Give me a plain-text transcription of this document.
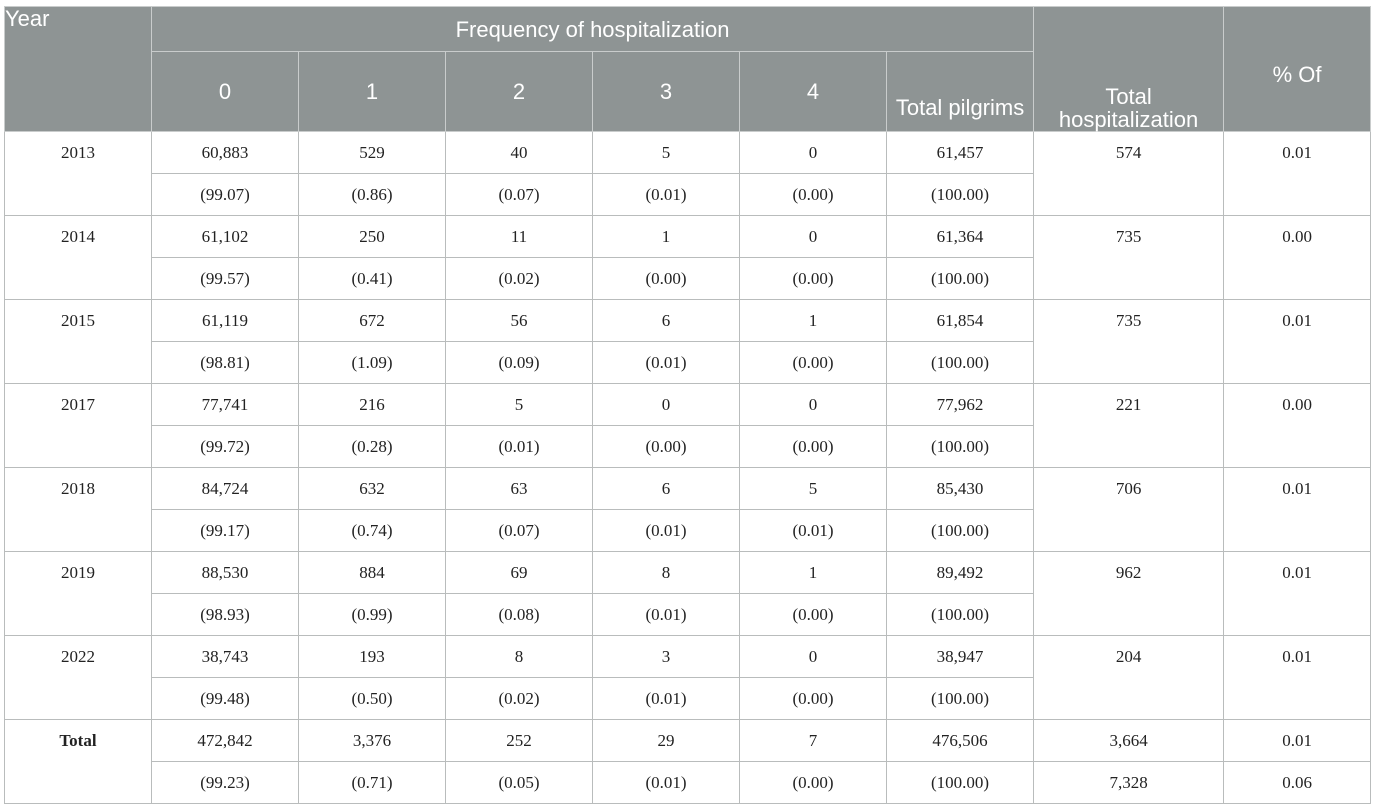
Year	Frequency of hospitalization						Total hospitalization	% Of
	0	1	2	3	4	Total pilgrims		
2013	60,883	529	40	5	0	61,457	574	0.01
	(99.07)	(0.86)	(0.07)	(0.01)	(0.00)	(100.00)		
2014	61,102	250	11	1	0	61,364	735	0.00
	(99.57)	(0.41)	(0.02)	(0.00)	(0.00)	(100.00)		
2015	61,119	672	56	6	1	61,854	735	0.01
	(98.81)	(1.09)	(0.09)	(0.01)	(0.00)	(100.00)		
2017	77,741	216	5	0	0	77,962	221	0.00
	(99.72)	(0.28)	(0.01)	(0.00)	(0.00)	(100.00)		
2018	84,724	632	63	6	5	85,430	706	0.01
	(99.17)	(0.74)	(0.07)	(0.01)	(0.01)	(100.00)		
2019	88,530	884	69	8	1	89,492	962	0.01
	(98.93)	(0.99)	(0.08)	(0.01)	(0.00)	(100.00)		
2022	38,743	193	8	3	0	38,947	204	0.01
	(99.48)	(0.50)	(0.02)	(0.01)	(0.00)	(100.00)		
Total	472,842	3,376	252	29	7	476,506	3,664	0.01
	(99.23)	(0.71)	(0.05)	(0.01)	(0.00)	(100.00)	7,328	0.06
